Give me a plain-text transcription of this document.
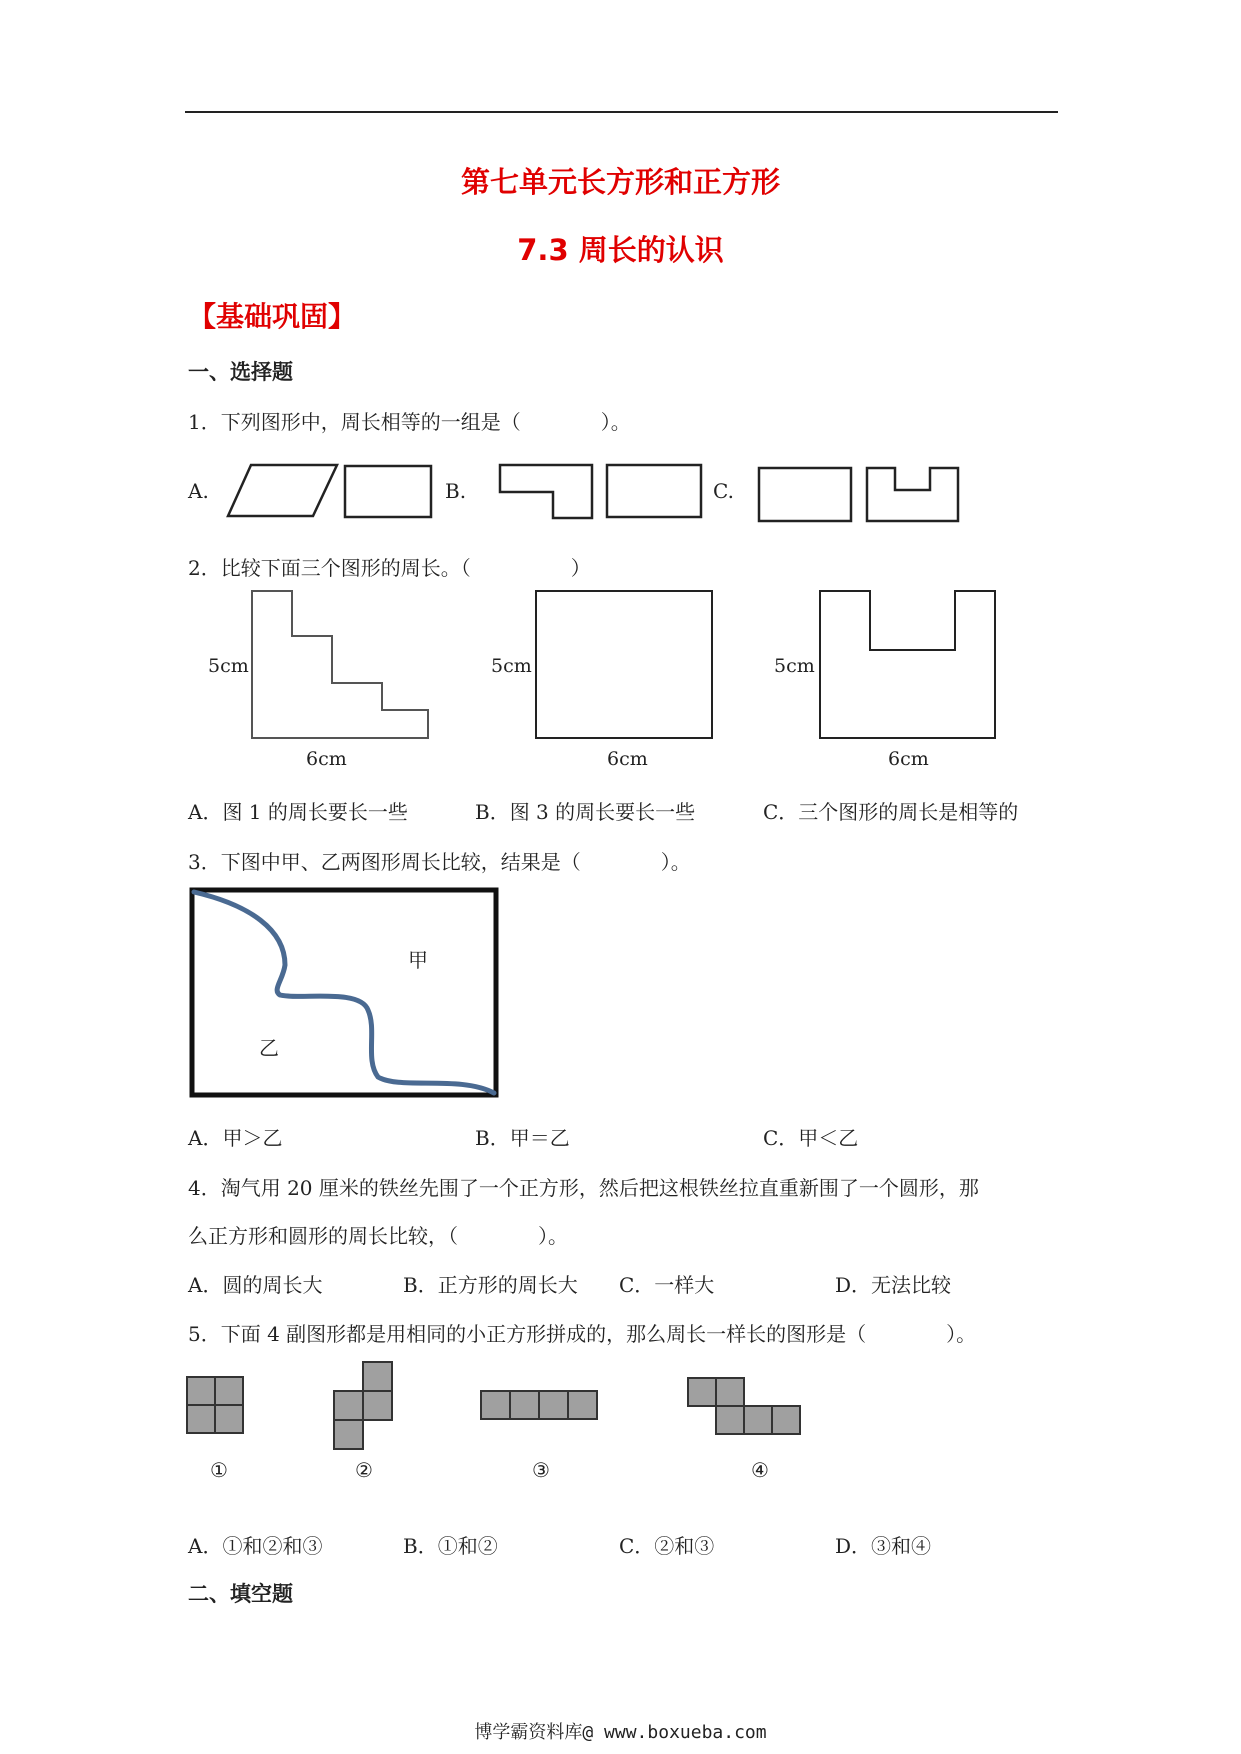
第七单元长方形和正方形
7.3 周长的认识
【基础巩固】
一、选择题
1．下列图形中，周长相等的一组是（　　　　）。
A.	B.	C.
2．比较下面三个图形的周长。（　　　　　）
5cm
6cm
5cm
6cm
5cm
6cm
A．图 1 的周长要长一些	B．图 3 的周长要长一些	C．三个图形的周长是相等的
3．下图中甲、乙两图形周长比较，结果是（　　　　）。
甲
乙
A．甲＞乙	B．甲＝乙	C．甲＜乙
4．淘气用 20 厘米的铁丝先围了一个正方形，然后把这根铁丝拉直重新围了一个圆形，那
么正方形和圆形的周长比较，（　　　　）。
A．圆的周长大	B．正方形的周长大 C．一样大	D．无法比较
5．下面 4 副图形都是用相同的小正方形拼成的，那么周长一样长的图形是（　　　　）。
①	②	③	④
A．①和②和③	B．①和②	C．②和③	D．③和④
二、填空题
博学霸资料库@ www.boxueba.com
